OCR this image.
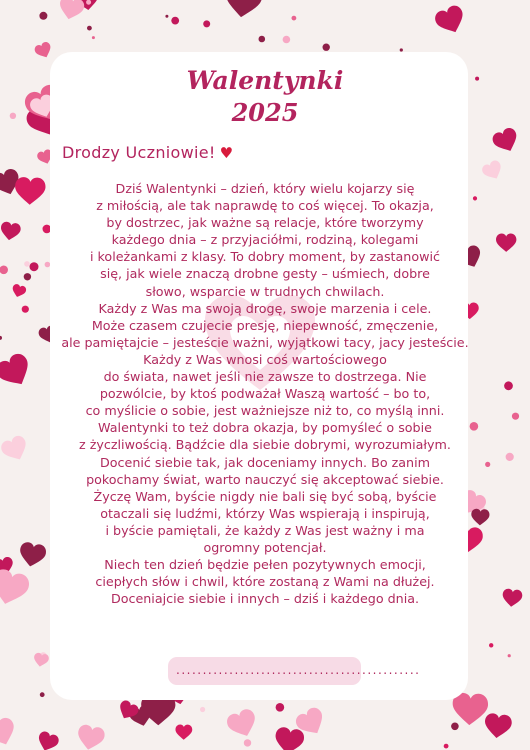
Walentynki
2025
Drodzy Uczniowie! ♥
Dziś Walentynki – dzień, który wielu kojarzy się
z miłością, ale tak naprawdę to coś więcej. To okazja,
by dostrzec, jak ważne są relacje, które tworzymy
każdego dnia – z przyjaciółmi, rodziną, kolegami
i koleżankami z klasy. To dobry moment, by zastanowić
się, jak wiele znaczą drobne gesty – uśmiech, dobre
słowo, wsparcie w trudnych chwilach.
Każdy z Was ma swoją drogę, swoje marzenia i cele.
Może czasem czujecie presję, niepewność, zmęczenie,
ale pamiętajcie – jesteście ważni, wyjątkowi tacy, jacy jesteście.
Każdy z Was wnosi coś wartościowego
do świata, nawet jeśli nie zawsze to dostrzega. Nie
pozwólcie, by ktoś podważał Waszą wartość – bo to,
co myślicie o sobie, jest ważniejsze niż to, co myślą inni.
Walentynki to też dobra okazja, by pomyśleć o sobie
z życzliwością. Bądźcie dla siebie dobrymi, wyrozumiałym.
Docenić siebie tak, jak doceniamy innych. Bo zanim
pokochamy świat, warto nauczyć się akceptować siebie.
Życzę Wam, byście nigdy nie bali się być sobą, byście
otaczali się ludźmi, którzy Was wspierają i inspirują,
i byście pamiętali, że każdy z Was jest ważny i ma
ogromny potencjał.
Niech ten dzień będzie pełen pozytywnych emocji,
ciepłych słów i chwil, które zostaną z Wami na dłużej.
Doceniajcie siebie i innych – dziś i każdego dnia.
..............................................
